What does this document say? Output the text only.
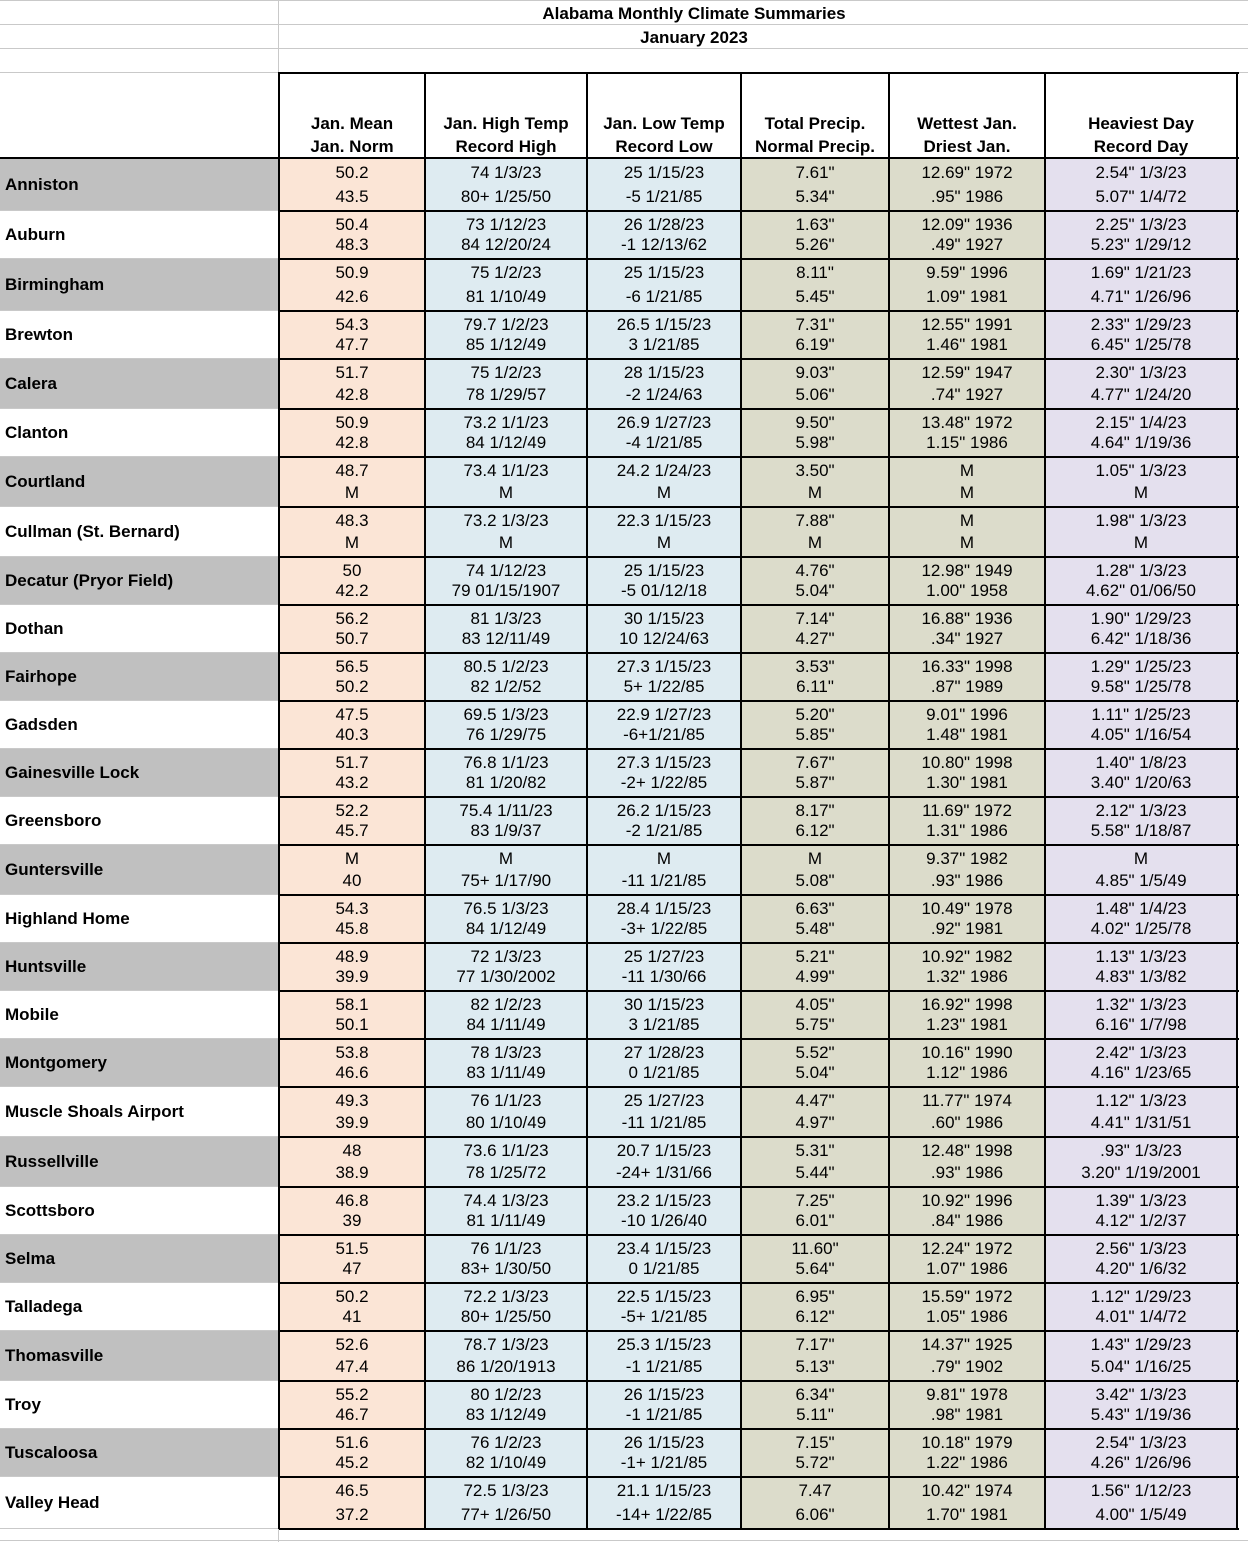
Alabama Monthly Climate Summaries
January 2023
Jan. Mean
Jan. Norm
Jan. High Temp
Record High
Jan. Low Temp
Record Low
Total Precip.
Normal Precip.
Wettest Jan.
Driest Jan.
Heaviest Day
Record Day
Anniston
50.2
43.5
74 1/3/23
80+ 1/25/50
25 1/15/23
-5 1/21/85
7.61"
5.34"
12.69" 1972
.95" 1986
2.54" 1/3/23
5.07" 1/4/72
Auburn
50.4
48.3
73 1/12/23
84 12/20/24
26 1/28/23
-1 12/13/62
1.63"
5.26"
12.09" 1936
.49" 1927
2.25" 1/3/23
5.23" 1/29/12
Birmingham
50.9
42.6
75 1/2/23
81 1/10/49
25 1/15/23
-6 1/21/85
8.11"
5.45"
9.59" 1996
1.09" 1981
1.69" 1/21/23
4.71" 1/26/96
Brewton
54.3
47.7
79.7 1/2/23
85 1/12/49
26.5 1/15/23
3 1/21/85
7.31"
6.19"
12.55" 1991
1.46" 1981
2.33" 1/29/23
6.45" 1/25/78
Calera
51.7
42.8
75 1/2/23
78 1/29/57
28 1/15/23
-2 1/24/63
9.03"
5.06"
12.59" 1947
.74" 1927
2.30" 1/3/23
4.77" 1/24/20
Clanton
50.9
42.8
73.2 1/1/23
84 1/12/49
26.9 1/27/23
-4 1/21/85
9.50"
5.98"
13.48" 1972
1.15" 1986
2.15" 1/4/23
4.64" 1/19/36
Courtland
48.7
M
73.4 1/1/23
M
24.2 1/24/23
M
3.50"
M
M
M
1.05" 1/3/23
M
Cullman (St. Bernard)
48.3
M
73.2 1/3/23
M
22.3 1/15/23
M
7.88"
M
M
M
1.98" 1/3/23
M
Decatur (Pryor Field)
50
42.2
74 1/12/23
79 01/15/1907
25 1/15/23
-5 01/12/18
4.76"
5.04"
12.98" 1949
1.00" 1958
1.28" 1/3/23
4.62" 01/06/50
Dothan
56.2
50.7
81 1/3/23
83 12/11/49
30 1/15/23
10 12/24/63
7.14"
4.27"
16.88" 1936
.34" 1927
1.90" 1/29/23
6.42" 1/18/36
Fairhope
56.5
50.2
80.5 1/2/23
82 1/2/52
27.3 1/15/23
5+ 1/22/85
3.53"
6.11"
16.33" 1998
.87" 1989
1.29" 1/25/23
9.58" 1/25/78
Gadsden
47.5
40.3
69.5 1/3/23
76 1/29/75
22.9 1/27/23
-6+1/21/85
5.20"
5.85"
9.01" 1996
1.48" 1981
1.11" 1/25/23
4.05" 1/16/54
Gainesville Lock
51.7
43.2
76.8 1/1/23
81 1/20/82
27.3 1/15/23
-2+ 1/22/85
7.67"
5.87"
10.80" 1998
1.30" 1981
1.40" 1/8/23
3.40" 1/20/63
Greensboro
52.2
45.7
75.4 1/11/23
83 1/9/37
26.2 1/15/23
-2 1/21/85
8.17"
6.12"
11.69" 1972
1.31" 1986
2.12" 1/3/23
5.58" 1/18/87
Guntersville
M
40
M
75+ 1/17/90
M
-11 1/21/85
M
5.08"
9.37" 1982
.93" 1986
M
4.85" 1/5/49
Highland Home
54.3
45.8
76.5 1/3/23
84 1/12/49
28.4 1/15/23
-3+ 1/22/85
6.63"
5.48"
10.49" 1978
.92" 1981
1.48" 1/4/23
4.02" 1/25/78
Huntsville
48.9
39.9
72 1/3/23
77 1/30/2002
25 1/27/23
-11 1/30/66
5.21"
4.99"
10.92" 1982
1.32" 1986
1.13" 1/3/23
4.83" 1/3/82
Mobile
58.1
50.1
82 1/2/23
84 1/11/49
30 1/15/23
3 1/21/85
4.05"
5.75"
16.92" 1998
1.23" 1981
1.32" 1/3/23
6.16" 1/7/98
Montgomery
53.8
46.6
78 1/3/23
83 1/11/49
27 1/28/23
0 1/21/85
5.52"
5.04"
10.16" 1990
1.12" 1986
2.42" 1/3/23
4.16" 1/23/65
Muscle Shoals Airport
49.3
39.9
76 1/1/23
80 1/10/49
25 1/27/23
-11 1/21/85
4.47"
4.97"
11.77" 1974
.60" 1986
1.12" 1/3/23
4.41" 1/31/51
Russellville
48
38.9
73.6 1/1/23
78 1/25/72
20.7 1/15/23
-24+ 1/31/66
5.31"
5.44"
12.48" 1998
.93" 1986
.93" 1/3/23
3.20" 1/19/2001
Scottsboro
46.8
39
74.4 1/3/23
81 1/11/49
23.2 1/15/23
-10 1/26/40
7.25"
6.01"
10.92" 1996
.84" 1986
1.39" 1/3/23
4.12" 1/2/37
Selma
51.5
47
76 1/1/23
83+ 1/30/50
23.4 1/15/23
0 1/21/85
11.60"
5.64"
12.24" 1972
1.07" 1986
2.56" 1/3/23
4.20" 1/6/32
Talladega
50.2
41
72.2 1/3/23
80+ 1/25/50
22.5 1/15/23
-5+ 1/21/85
6.95"
6.12"
15.59" 1972
1.05" 1986
1.12" 1/29/23
4.01" 1/4/72
Thomasville
52.6
47.4
78.7 1/3/23
86 1/20/1913
25.3 1/15/23
-1 1/21/85
7.17"
5.13"
14.37" 1925
.79" 1902
1.43" 1/29/23
5.04" 1/16/25
Troy
55.2
46.7
80 1/2/23
83 1/12/49
26 1/15/23
-1 1/21/85
6.34"
5.11"
9.81" 1978
.98" 1981
3.42" 1/3/23
5.43" 1/19/36
Tuscaloosa
51.6
45.2
76 1/2/23
82 1/10/49
26 1/15/23
-1+ 1/21/85
7.15"
5.72"
10.18" 1979
1.22" 1986
2.54" 1/3/23
4.26" 1/26/96
Valley Head
46.5
37.2
72.5 1/3/23
77+ 1/26/50
21.1 1/15/23
-14+ 1/22/85
7.47
6.06"
10.42" 1974
1.70" 1981
1.56" 1/12/23
4.00" 1/5/49
